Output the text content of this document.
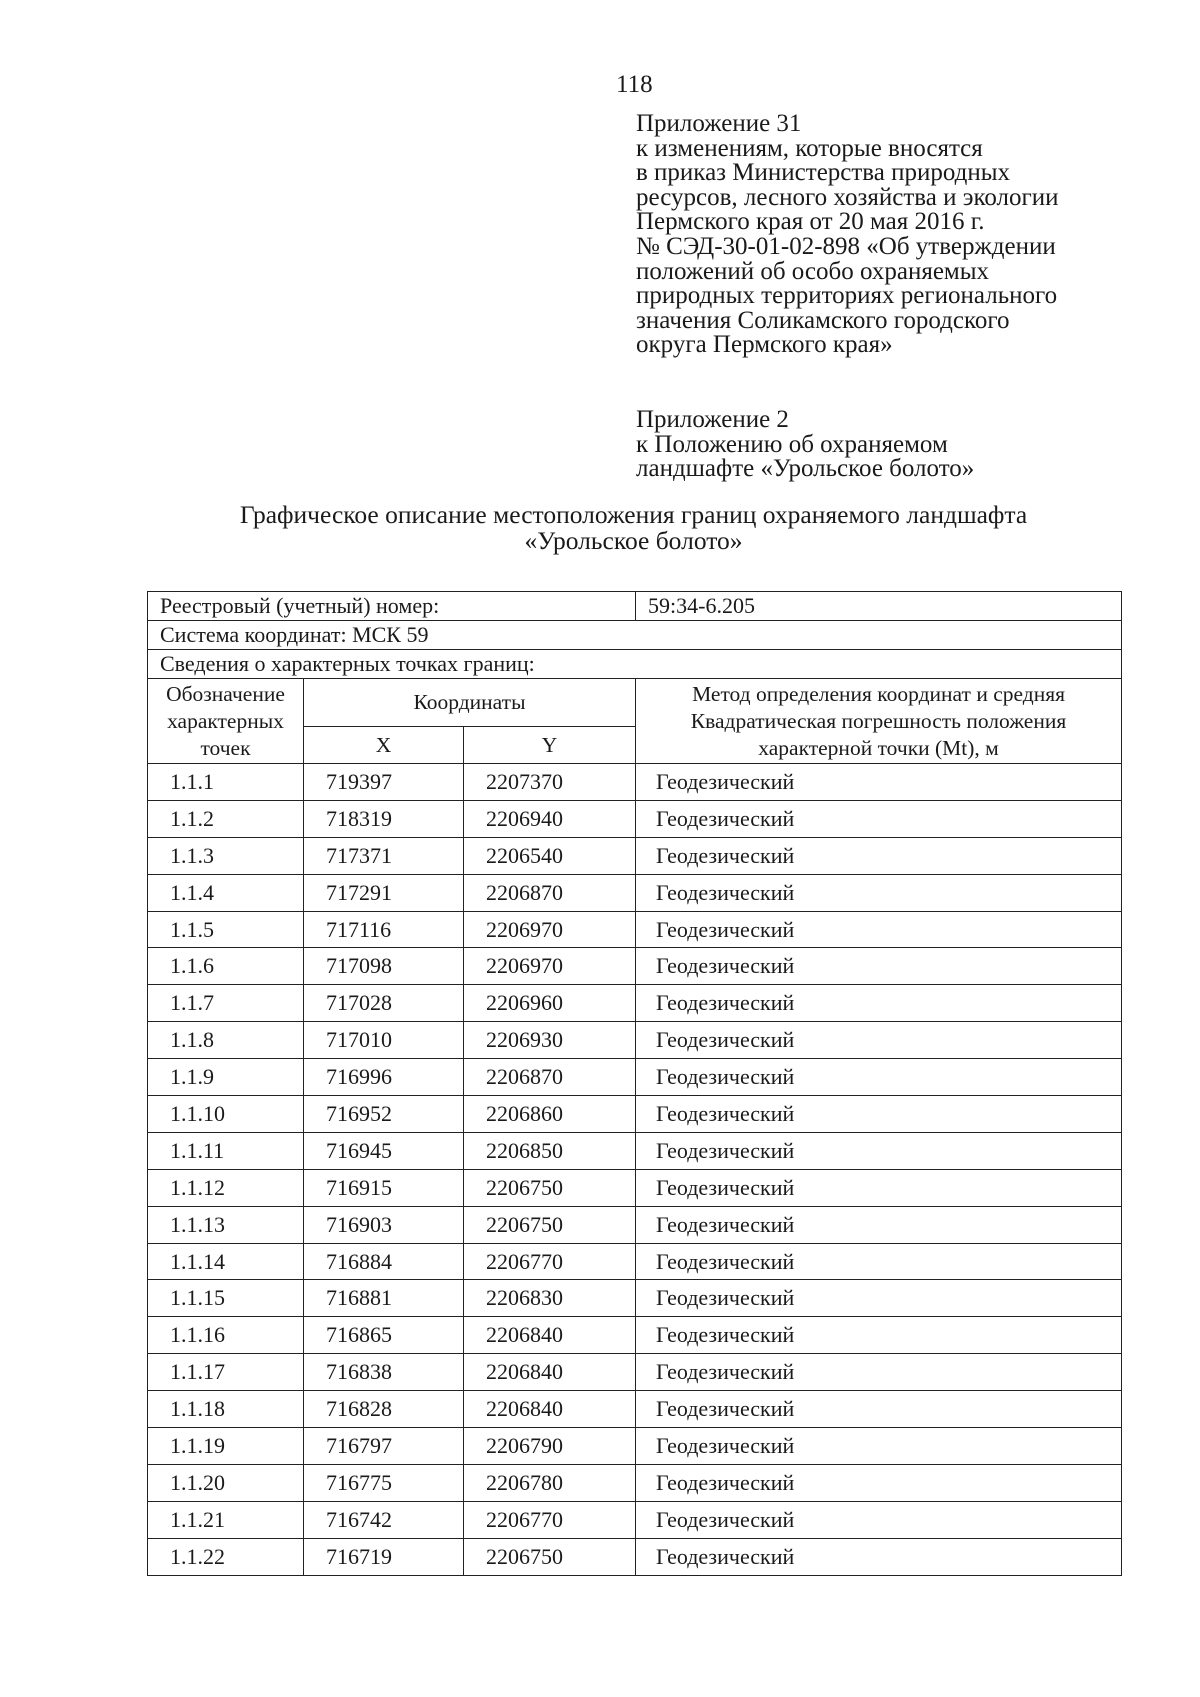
118
Приложение 31
к изменениям, которые вносятся
в приказ Министерства природных
ресурсов, лесного хозяйства и экологии
Пермского края от 20 мая 2016 г.
№ СЭД-30-01-02-898 «Об утверждении
положений об особо охраняемых
природных территориях регионального
значения Соликамского городского
округа Пермского края»
Приложение 2
к Положению об охраняемом
ландшафте «Урольское болото»
Графическое описание местоположения границ охраняемого ландшафта
«Урольское болото»
Реестровый (учетный) номер:			59:34-6.205
Система координат: МСК 59			
Сведения о характерных точках границ:			
Обозначение характерных точек	Координаты		Метод определения координат и средняя Квадратическая погрешность положения характерной точки (Mt), м
	X	Y	
1.1.1	719397	2207370	Геодезический
1.1.2	718319	2206940	Геодезический
1.1.3	717371	2206540	Геодезический
1.1.4	717291	2206870	Геодезический
1.1.5	717116	2206970	Геодезический
1.1.6	717098	2206970	Геодезический
1.1.7	717028	2206960	Геодезический
1.1.8	717010	2206930	Геодезический
1.1.9	716996	2206870	Геодезический
1.1.10	716952	2206860	Геодезический
1.1.11	716945	2206850	Геодезический
1.1.12	716915	2206750	Геодезический
1.1.13	716903	2206750	Геодезический
1.1.14	716884	2206770	Геодезический
1.1.15	716881	2206830	Геодезический
1.1.16	716865	2206840	Геодезический
1.1.17	716838	2206840	Геодезический
1.1.18	716828	2206840	Геодезический
1.1.19	716797	2206790	Геодезический
1.1.20	716775	2206780	Геодезический
1.1.21	716742	2206770	Геодезический
1.1.22	716719	2206750	Геодезический
